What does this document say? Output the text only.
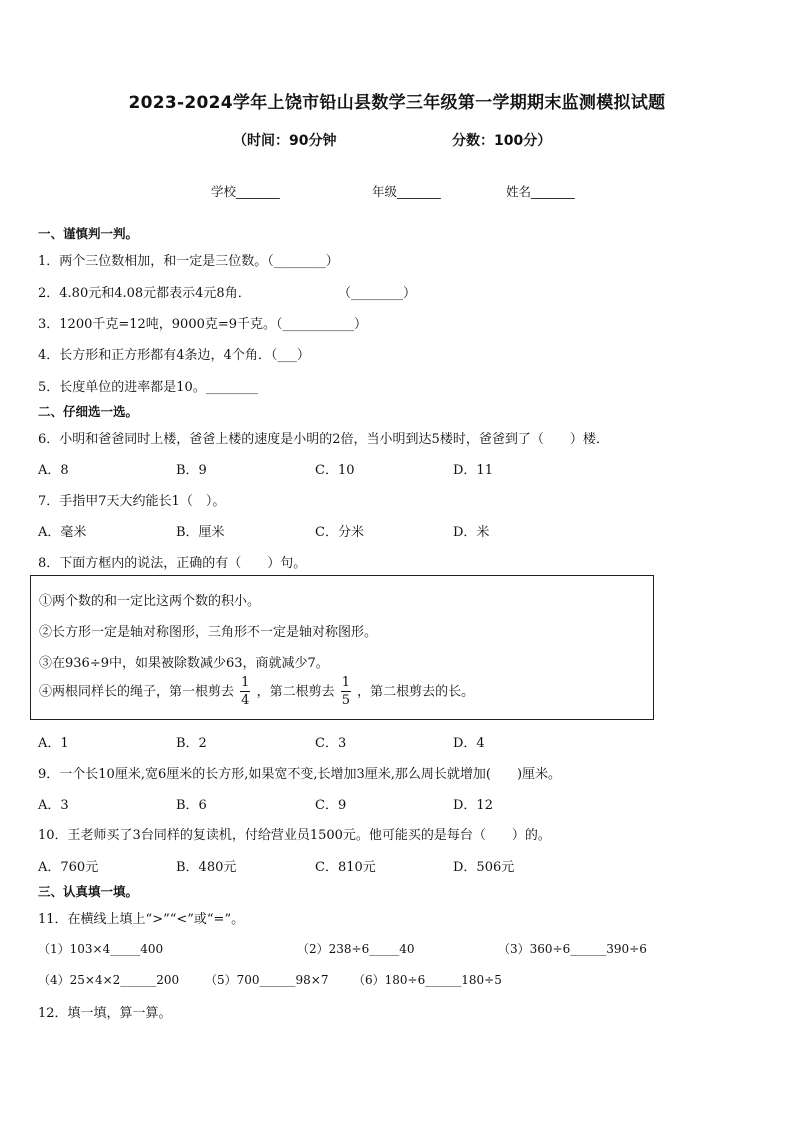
2023-2024学年上饶市铅山县数学三年级第一学期期末监测模拟试题
（时间：90分钟	分数：100分）
学校_______	年级_______	姓名_______
一、谨慎判一判。
1．两个三位数相加，和一定是三位数。（________）
2．4.80元和4.08元都表示4元8角．	（________）
3．1200千克=12吨，9000克=9千克。（___________）
4．长方形和正方形都有4条边，4个角．（___）
5．长度单位的进率都是10。________
二、仔细选一选。
6．小明和爸爸同时上楼，爸爸上楼的速度是小明的2倍，当小明到达5楼时，爸爸到了（　　）楼．
A．8	B．9	C．10	D．11
7．手指甲7天大约能长1（　）。
A．毫米	B．厘米	C．分米	D．米
8．下面方框内的说法，正确的有（　　）句。
①两个数的和一定比这两个数的积小。
②长方形一定是轴对称图形，三角形不一定是轴对称图形。
③在936÷9中，如果被除数减少63，商就减少7。
④两根同样长的绳子，第一根剪去 $\frac{1}{4}$ ，第二根剪去 $\frac{1}{5}$ ，第二根剪去的长。
A．1	B．2	C．3	D．4
9．一个长10厘米,宽6厘米的长方形,如果宽不变,长增加3厘米,那么周长就增加(　　)厘米。
A．3	B．6	C．9	D．12
10．王老师买了3台同样的复读机，付给营业员1500元。他可能买的是每台（　　）的。
A．760元	B．480元	C．810元	D．506元
三、认真填一填。
11．在横线上填上“>”“<”或“=”。
（1）103×4_____400	（2）238÷6_____40	（3）360÷6______390÷6
（4）25×4×2______200 （5）700______98×7 （6）180÷6______180÷5
12．填一填，算一算。
